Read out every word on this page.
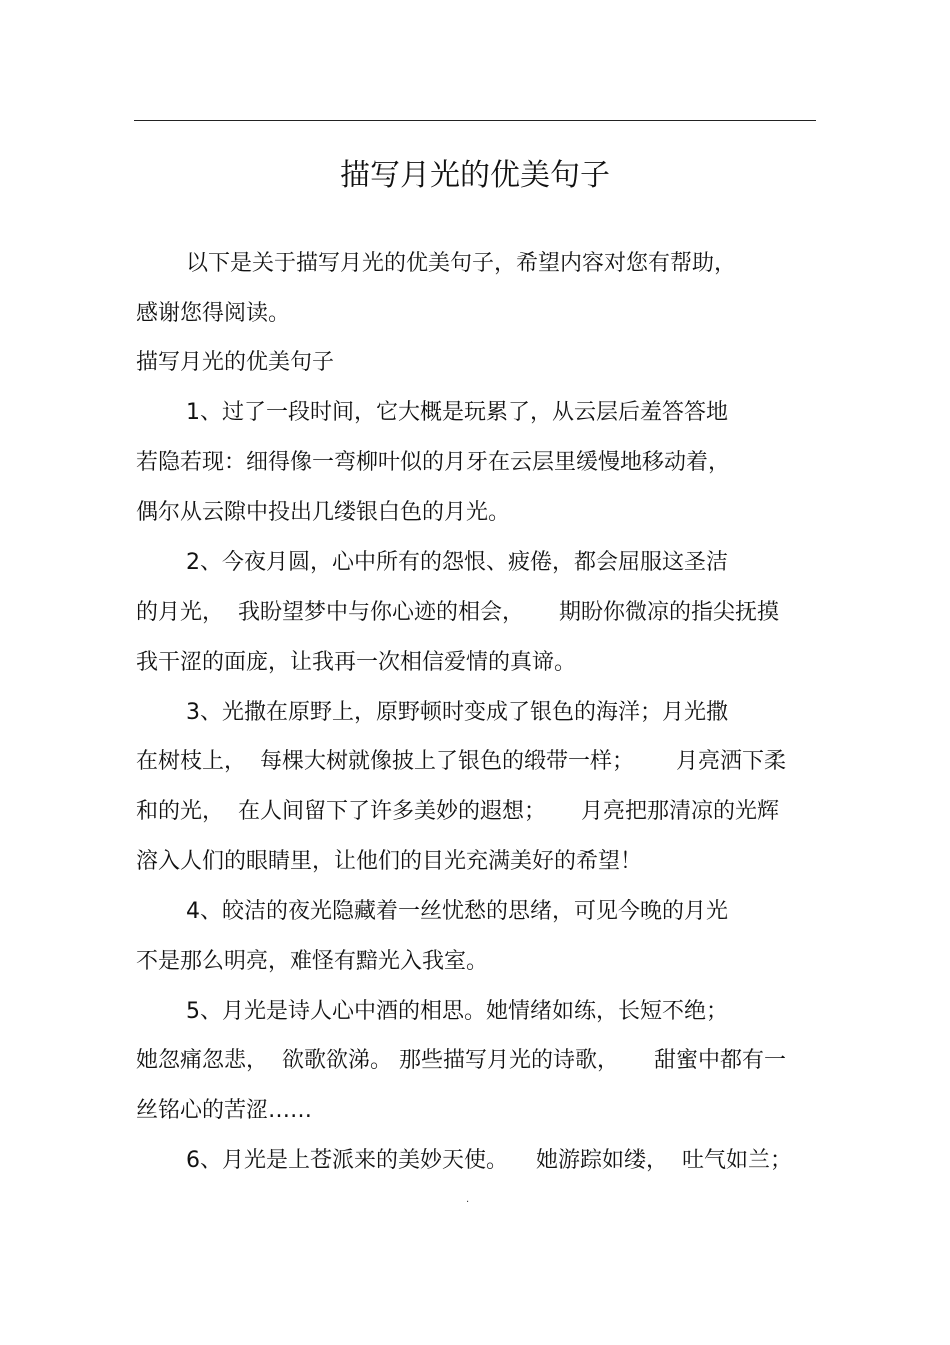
描写月光的优美句子

以下是关于描写月光的优美句子，希望内容对您有帮助，

感谢您得阅读。

描写月光的优美句子

1、过了一段时间，它大概是玩累了，从云层后羞答答地

若隐若现：细得像一弯柳叶似的月牙在云层里缓慢地移动着，

偶尔从云隙中投出几缕银白色的月光。

2、今夜月圆，心中所有的怨恨、疲倦，都会屈服这圣洁

的月光，  我盼望梦中与你心迹的相会，     期盼你微凉的指尖抚摸

我干涩的面庞，让我再一次相信爱情的真谛。

3、光撒在原野上，原野顿时变成了银色的海洋；月光撒

在树枝上，  每棵大树就像披上了银色的缎带一样；      月亮洒下柔

和的光，  在人间留下了许多美妙的遐想；     月亮把那清凉的光辉

溶入人们的眼睛里，让他们的目光充满美好的希望！

4、皎洁的夜光隐藏着一丝忧愁的思绪，可见今晚的月光

不是那么明亮，难怪有黯光入我室。

5、月光是诗人心中酒的相思。她情绪如练，长短不绝；

她忽痛忽悲，  欲歌欲涕。 那些描写月光的诗歌，     甜蜜中都有一

丝铭心的苦涩……

6、月光是上苍派来的美妙天使。    她游踪如缕，  吐气如兰；

.
